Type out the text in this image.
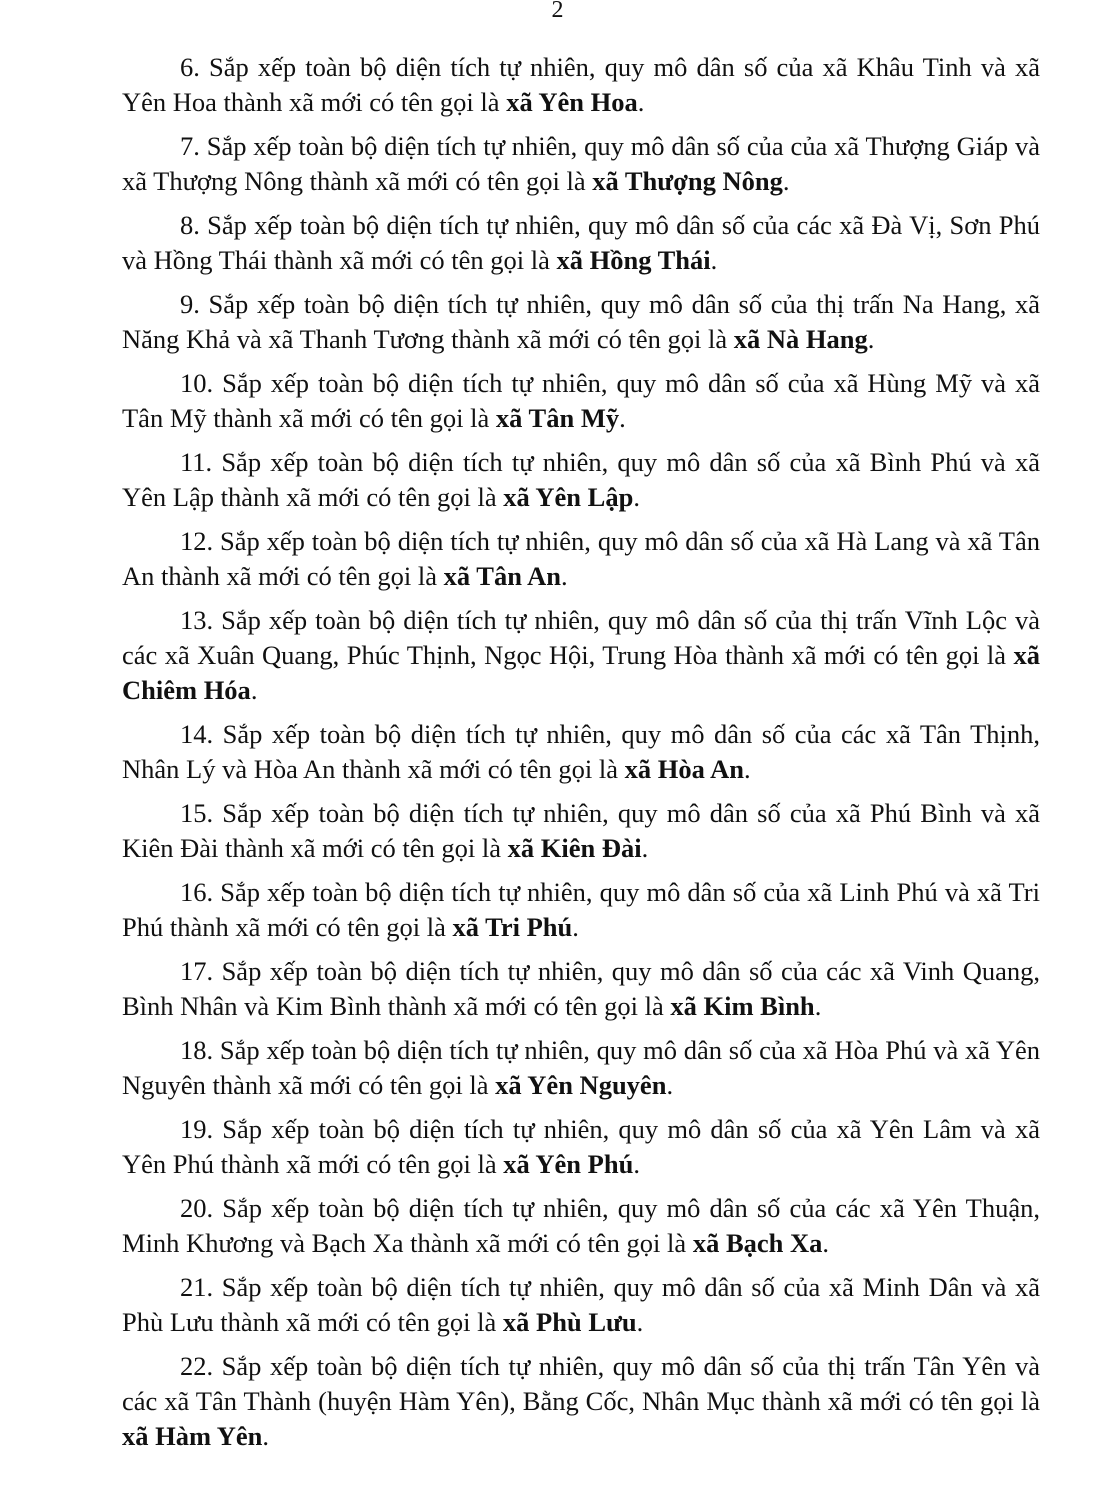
2

6. Sắp xếp toàn bộ diện tích tự nhiên, quy mô dân số của xã Khâu Tinh và xã Yên Hoa thành xã mới có tên gọi là xã Yên Hoa.

7. Sắp xếp toàn bộ diện tích tự nhiên, quy mô dân số của của xã Thượng Giáp và xã Thượng Nông thành xã mới có tên gọi là xã Thượng Nông.

8. Sắp xếp toàn bộ diện tích tự nhiên, quy mô dân số của các xã Đà Vị, Sơn Phú và Hồng Thái thành xã mới có tên gọi là xã Hồng Thái.

9. Sắp xếp toàn bộ diện tích tự nhiên, quy mô dân số của thị trấn Na Hang, xã Năng Khả và xã Thanh Tương thành xã mới có tên gọi là xã Nà Hang.

10. Sắp xếp toàn bộ diện tích tự nhiên, quy mô dân số của xã Hùng Mỹ và xã Tân Mỹ thành xã mới có tên gọi là xã Tân Mỹ.

11. Sắp xếp toàn bộ diện tích tự nhiên, quy mô dân số của xã Bình Phú và xã Yên Lập thành xã mới có tên gọi là xã Yên Lập.

12. Sắp xếp toàn bộ diện tích tự nhiên, quy mô dân số của xã Hà Lang và xã Tân An thành xã mới có tên gọi là xã Tân An.

13. Sắp xếp toàn bộ diện tích tự nhiên, quy mô dân số của thị trấn Vĩnh Lộc và các xã Xuân Quang, Phúc Thịnh, Ngọc Hội, Trung Hòa thành xã mới có tên gọi là xã Chiêm Hóa.

14. Sắp xếp toàn bộ diện tích tự nhiên, quy mô dân số của các xã Tân Thịnh, Nhân Lý và Hòa An thành xã mới có tên gọi là xã Hòa An.

15. Sắp xếp toàn bộ diện tích tự nhiên, quy mô dân số của xã Phú Bình và xã Kiên Đài thành xã mới có tên gọi là xã Kiên Đài.

16. Sắp xếp toàn bộ diện tích tự nhiên, quy mô dân số của xã Linh Phú và xã Tri Phú thành xã mới có tên gọi là xã Tri Phú.

17. Sắp xếp toàn bộ diện tích tự nhiên, quy mô dân số của các xã Vinh Quang, Bình Nhân và Kim Bình thành xã mới có tên gọi là xã Kim Bình.

18. Sắp xếp toàn bộ diện tích tự nhiên, quy mô dân số của xã Hòa Phú và xã Yên Nguyên thành xã mới có tên gọi là xã Yên Nguyên.

19. Sắp xếp toàn bộ diện tích tự nhiên, quy mô dân số của xã Yên Lâm và xã Yên Phú thành xã mới có tên gọi là xã Yên Phú.

20. Sắp xếp toàn bộ diện tích tự nhiên, quy mô dân số của các xã Yên Thuận, Minh Khương và Bạch Xa thành xã mới có tên gọi là xã Bạch Xa.

21. Sắp xếp toàn bộ diện tích tự nhiên, quy mô dân số của xã Minh Dân và xã Phù Lưu thành xã mới có tên gọi là xã Phù Lưu.

22. Sắp xếp toàn bộ diện tích tự nhiên, quy mô dân số của thị trấn Tân Yên và các xã Tân Thành (huyện Hàm Yên), Bằng Cốc, Nhân Mục thành xã mới có tên gọi là xã Hàm Yên.
